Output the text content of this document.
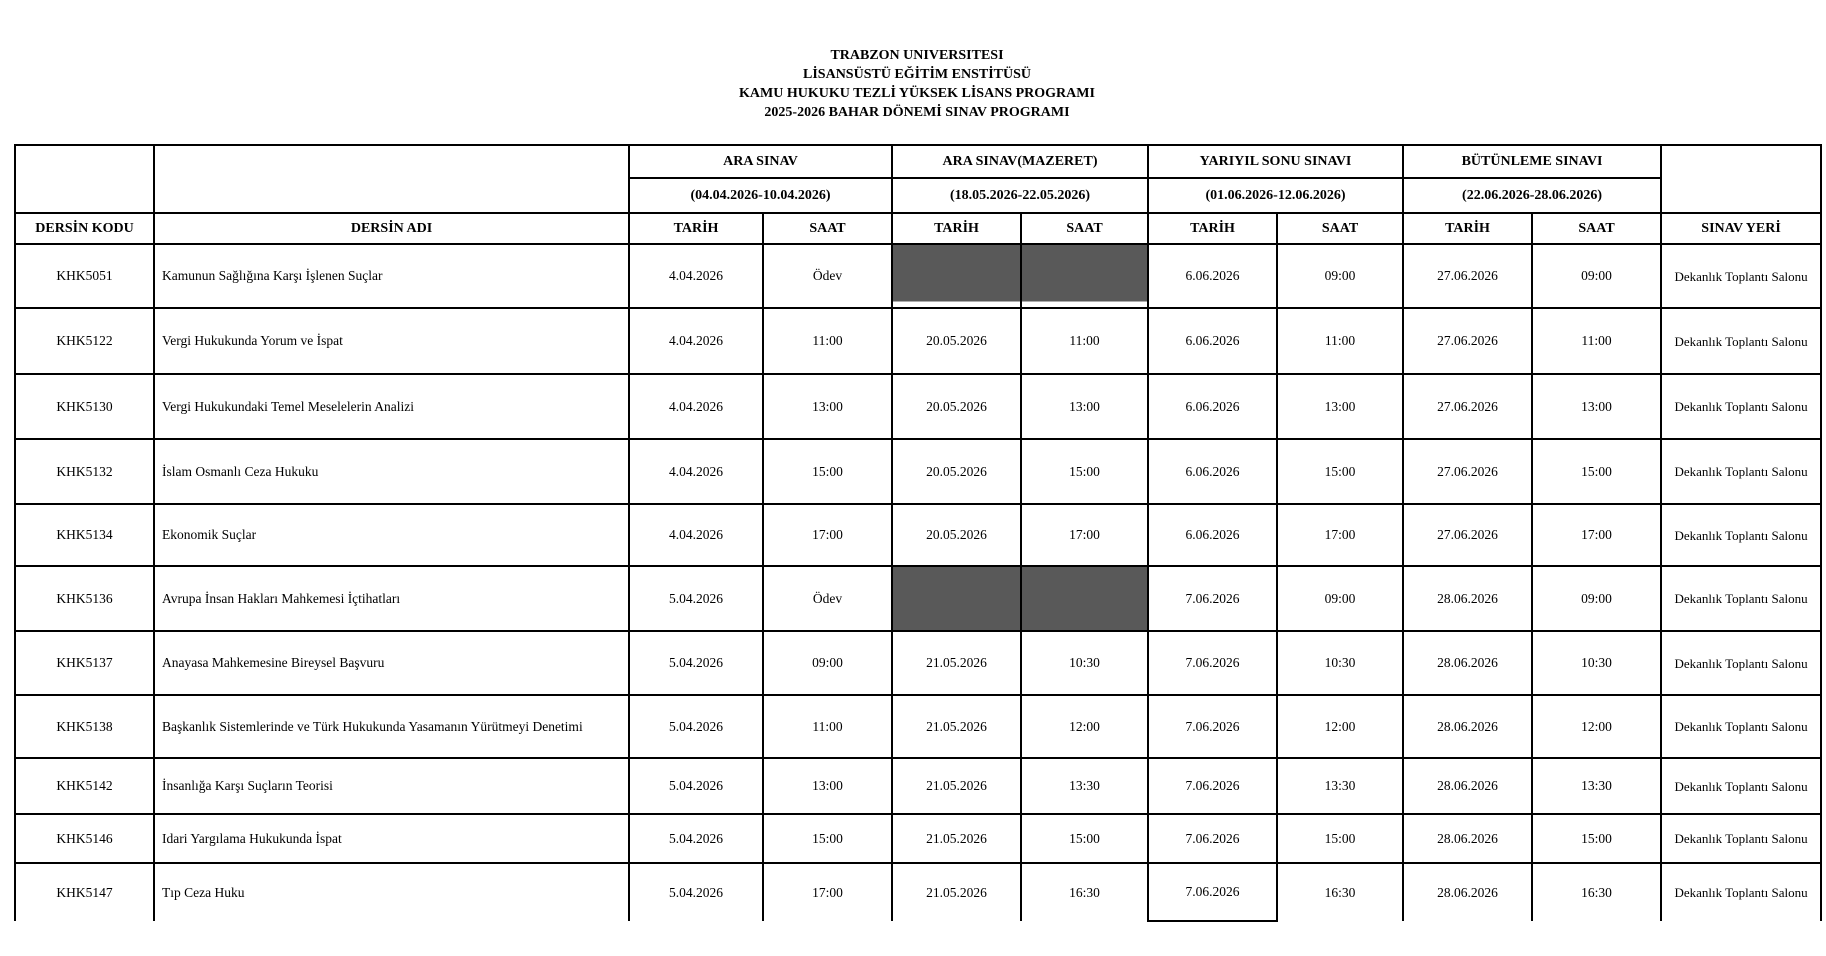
TRABZON UNIVERSITESI
LİSANSÜSTÜ EĞİTİM ENSTİTÜSÜ
KAMU HUKUKU TEZLİ YÜKSEK LİSANS PROGRAMI
2025-2026 BAHAR DÖNEMİ SINAV PROGRAMI
		ARA SINAV		ARA SINAV(MAZERET)		YARIYIL SONU SINAVI		BÜTÜNLEME SINAVI		
		(04.04.2026-10.04.2026)		(18.05.2026-22.05.2026)		(01.06.2026-12.06.2026)		(22.06.2026-28.06.2026)		
DERSİN KODU	DERSİN ADI	TARİH	SAAT	TARİH	SAAT	TARİH	SAAT	TARİH	SAAT	SINAV YERİ
KHK5051	Kamunun Sağlığına Karşı İşlenen Suçlar	4.04.2026	Ödev			6.06.2026	09:00	27.06.2026	09:00	Dekanlık Toplantı Salonu
KHK5122	Vergi Hukukunda Yorum ve İspat	4.04.2026	11:00	20.05.2026	11:00	6.06.2026	11:00	27.06.2026	11:00	Dekanlık Toplantı Salonu
KHK5130	Vergi Hukukundaki Temel Meselelerin Analizi	4.04.2026	13:00	20.05.2026	13:00	6.06.2026	13:00	27.06.2026	13:00	Dekanlık Toplantı Salonu
KHK5132	İslam Osmanlı Ceza Hukuku	4.04.2026	15:00	20.05.2026	15:00	6.06.2026	15:00	27.06.2026	15:00	Dekanlık Toplantı Salonu
KHK5134	Ekonomik Suçlar	4.04.2026	17:00	20.05.2026	17:00	6.06.2026	17:00	27.06.2026	17:00	Dekanlık Toplantı Salonu
KHK5136	Avrupa İnsan Hakları Mahkemesi İçtihatları	5.04.2026	Ödev			7.06.2026	09:00	28.06.2026	09:00	Dekanlık Toplantı Salonu
KHK5137	Anayasa Mahkemesine Bireysel Başvuru	5.04.2026	09:00	21.05.2026	10:30	7.06.2026	10:30	28.06.2026	10:30	Dekanlık Toplantı Salonu
KHK5138	Başkanlık Sistemlerinde ve Türk Hukukunda Yasamanın Yürütmeyi Denetimi	5.04.2026	11:00	21.05.2026	12:00	7.06.2026	12:00	28.06.2026	12:00	Dekanlık Toplantı Salonu
KHK5142	İnsanlığa Karşı Suçların Teorisi	5.04.2026	13:00	21.05.2026	13:30	7.06.2026	13:30	28.06.2026	13:30	Dekanlık Toplantı Salonu
KHK5146	Idari Yargılama Hukukunda İspat	5.04.2026	15:00	21.05.2026	15:00	7.06.2026	15:00	28.06.2026	15:00	Dekanlık Toplantı Salonu
KHK5147	Tıp Ceza Huku	5.04.2026	17:00	21.05.2026	16:30	7.06.2026	16:30	28.06.2026	16:30	Dekanlık Toplantı Salonu
